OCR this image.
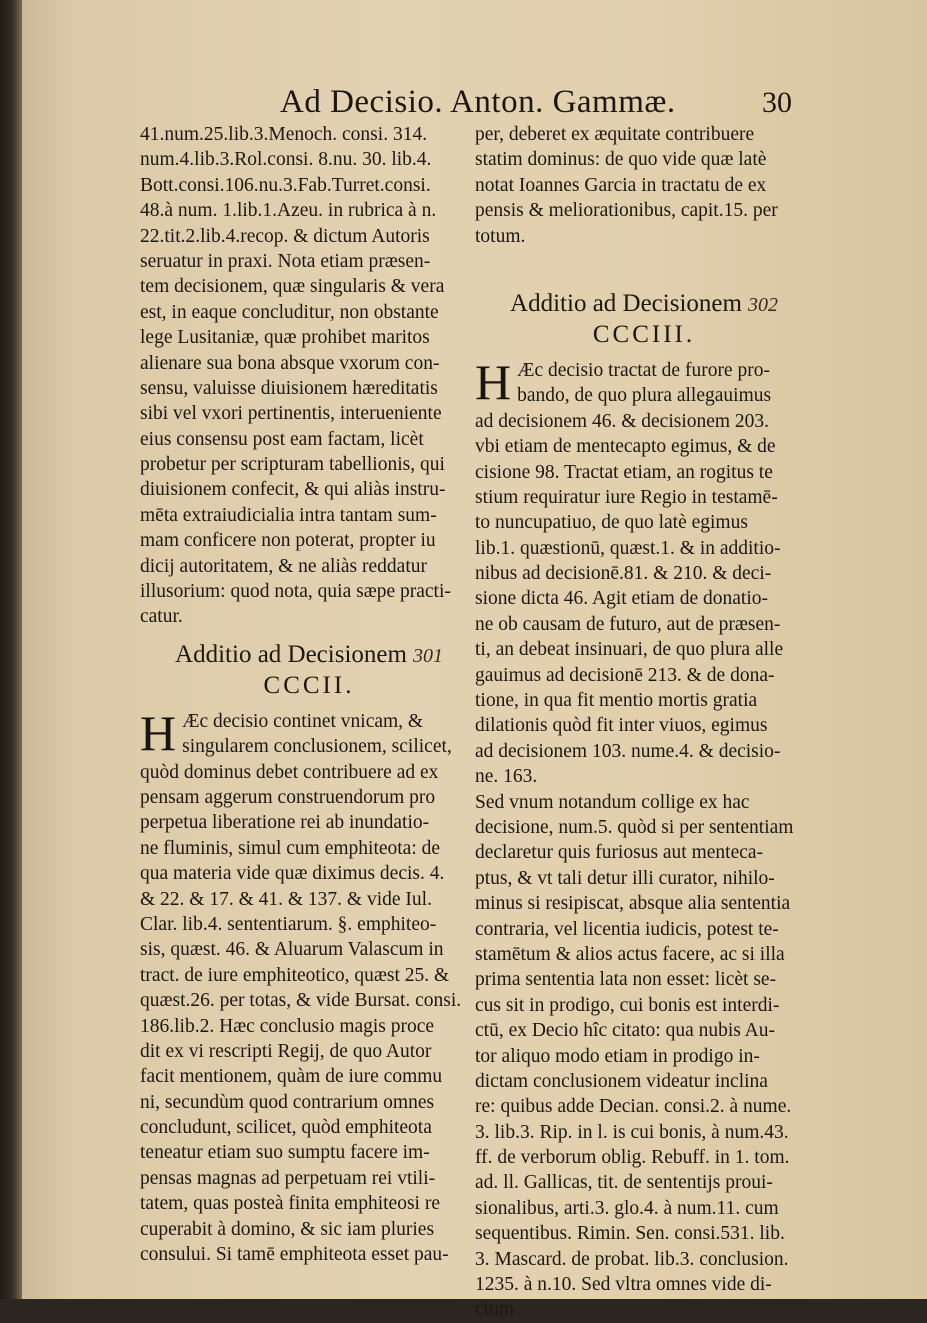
Ad Decisio. Anton. Gammæ.	30
41.num.25.lib.3.Menoch. consi. 314.
num.4.lib.3.Rol.consi. 8.nu. 30. lib.4.
Bott.consi.106.nu.3.Fab.Turret.consi.
48.à num. 1.lib.1.Azeu. in rubrica à n.
22.tit.2.lib.4.recop. & dictum Autoris
seruatur in praxi. Nota etiam præsen-
tem decisionem, quæ singularis & vera
est, in eaque concluditur, non obstante
lege Lusitaniæ, quæ prohibet maritos
alienare sua bona absque vxorum con-
sensu, valuisse diuisionem hæreditatis
sibi vel vxori pertinentis, interueniente
eius consensu post eam factam, licèt
probetur per scripturam tabellionis, qui
diuisionem confecit, & qui aliàs instru-
mēta extraiudicialia intra tantam sum-
mam conficere non poterat, propter iu
dicij autoritatem, & ne aliàs reddatur
illusorium: quod nota, quia sæpe practi-
catur.
Additio ad Decisionem 301
CCCII.
H Æc decisio continet vnicam, &
singularem conclusionem, scilicet,
quòd dominus debet contribuere ad ex
pensam aggerum construendorum pro
perpetua liberatione rei ab inundatio-
ne fluminis, simul cum emphiteota: de
qua materia vide quæ diximus decis. 4.
& 22. & 17. & 41. & 137. & vide Iul.
Clar. lib.4. sententiarum. §. emphiteo-
sis, quæst. 46. & Aluarum Valascum in
tract. de iure emphiteotico, quæst 25. &
quæst.26. per totas, & vide Bursat. consi.
186.lib.2. Hæc conclusio magis proce
dit ex vi rescripti Regij, de quo Autor
facit mentionem, quàm de iure commu
ni, secundùm quod contrarium omnes
concludunt, scilicet, quòd emphiteota
teneatur etiam suo sumptu facere im-
pensas magnas ad perpetuam rei vtili-
tatem, quas posteà finita emphiteosi re
cuperabit à domino, & sic iam pluries
consului. Si tamē emphiteota esset pau-
per, deberet ex æquitate contribuere
statim dominus: de quo vide quæ latè
notat Ioannes Garcia in tractatu de ex
pensis & meliorationibus, capit.15. per
totum.
Additio ad Decisionem 302
CCCIII.
H Æc decisio tractat de furore pro-
bando, de quo plura allegauimus
ad decisionem 46. & decisionem 203.
vbi etiam de mentecapto egimus, & de
cisione 98. Tractat etiam, an rogitus te
stium requiratur iure Regio in testamē-
to nuncupatiuo, de quo latè egimus
lib.1. quæstionū, quæst.1. & in additio-
nibus ad decisionē.81. & 210. & deci-
sione dicta 46. Agit etiam de donatio-
ne ob causam de futuro, aut de præsen-
ti, an debeat insinuari, de quo plura alle
gauimus ad decisionē 213. & de dona-
tione, in qua fit mentio mortis gratia
dilationis quòd fit inter viuos, egimus
ad decisionem 103. nume.4. & decisio-
ne. 163.
Sed vnum notandum collige ex hac
decisione, num.5. quòd si per sententiam
declaretur quis furiosus aut menteca-
ptus, & vt tali detur illi curator, nihilo-
minus si resipiscat, absque alia sententia
contraria, vel licentia iudicis, potest te-
stamētum & alios actus facere, ac si illa
prima sententia lata non esset: licèt se-
cus sit in prodigo, cui bonis est interdi-
ctū, ex Decio hîc citato: qua nubis Au-
tor aliquo modo etiam in prodigo in-
dictam conclusionem videatur inclina
re: quibus adde Decian. consi.2. à nume.
3. lib.3. Rip. in l. is cui bonis, à num.43.
ff. de verborum oblig. Rebuff. in 1. tom.
ad. ll. Gallicas, tit. de sententijs proui-
sionalibus, arti.3. glo.4. à num.11. cum
sequentibus. Rimin. Sen. consi.531. lib.
3. Mascard. de probat. lib.3. conclusion.
1235. à n.10. Sed vltra omnes vide di-
ctum
